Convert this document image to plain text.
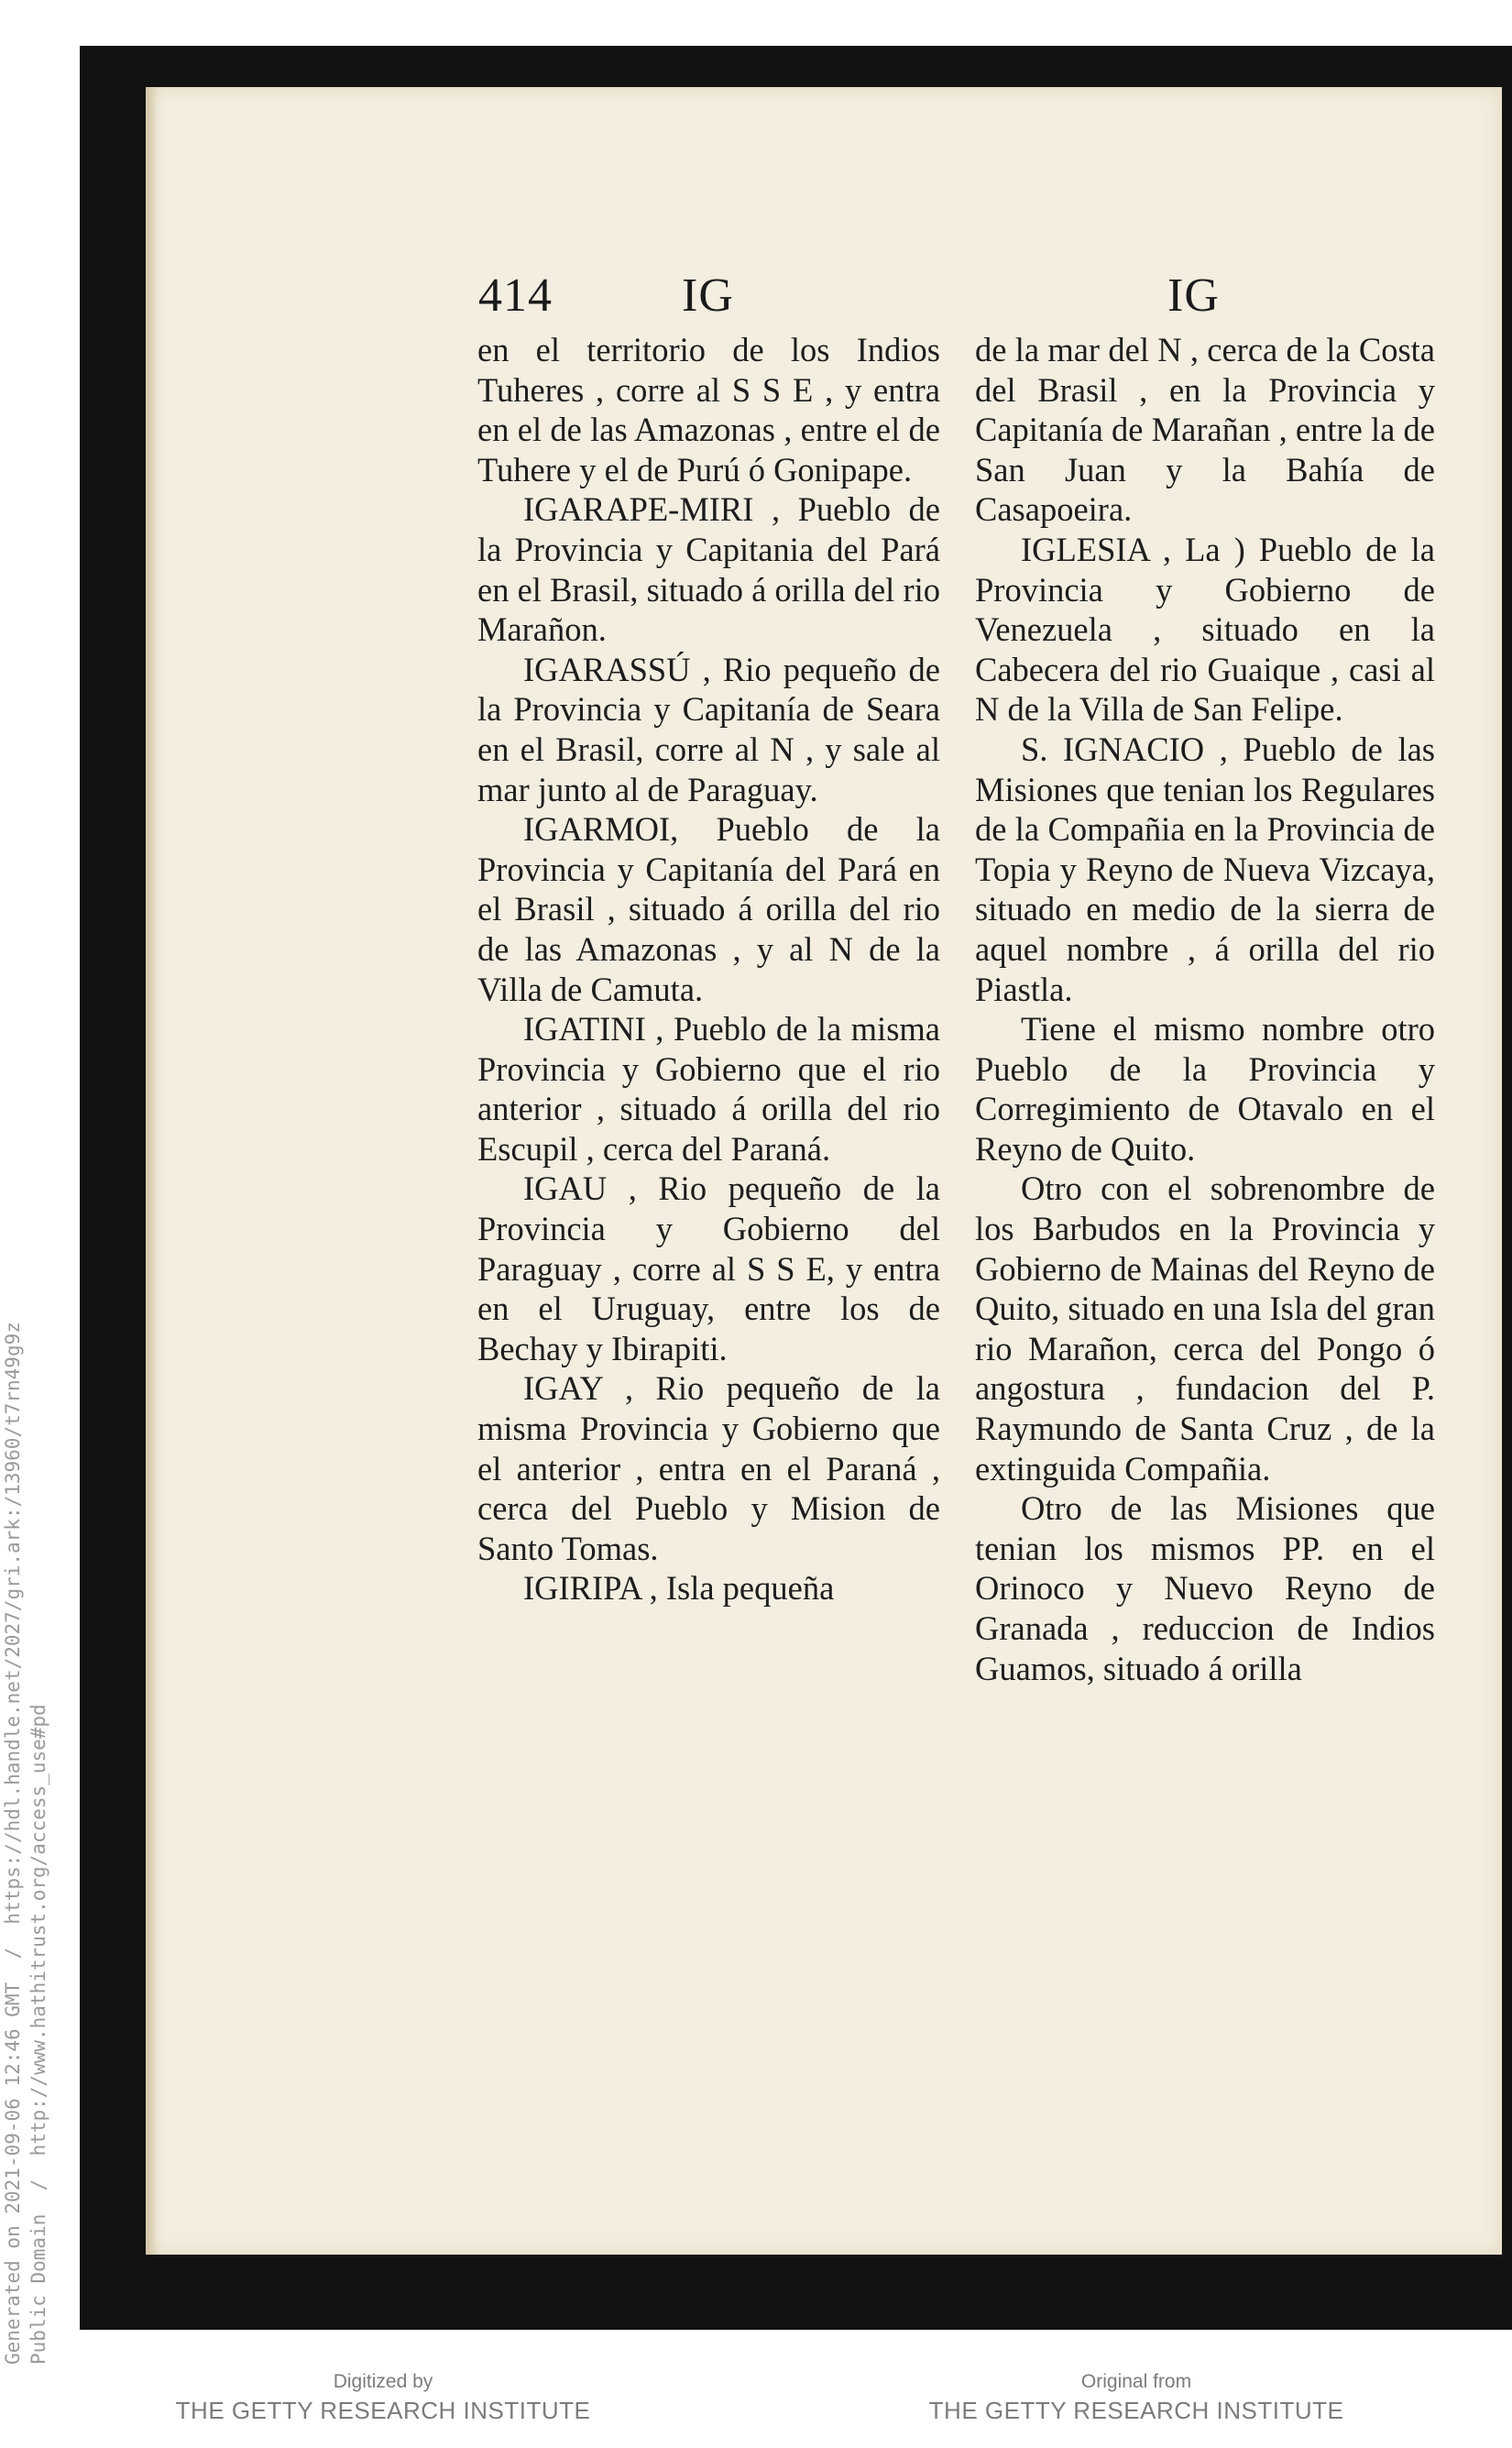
Generated on 2021-09-06 12:46 GMT  /  https://hdl.handle.net/2027/gri.ark:/13960/t7rn49g9z Public Domain  /  http://www.hathitrust.org/access_use#pd
414	IG	IG

en el territorio de los Indios Tuheres , corre al S S E , y entra en el de las Amazonas , entre el de Tuhere y el de Purú ó Gonipape.

IGARAPE-MIRI , Pueblo de la Provincia y Capitania del Pará en el Brasil, situado á orilla del rio Marañon.

IGARASSÚ , Rio pequeño de la Provincia y Capitanía de Seara en el Brasil, corre al N , y sale al mar junto al de Paraguay.

IGARMOI, Pueblo de la Provincia y Capitanía del Pará en el Brasil , situado á orilla del rio de las Amazonas , y al N de la Villa de Camuta.

IGATINI , Pueblo de la misma Provincia y Gobierno que el rio anterior , situado á orilla del rio Escupil , cerca del Paraná.

IGAU , Rio pequeño de la Provincia y Gobierno del Paraguay , corre al S S E, y entra en el Uruguay, entre los de Bechay y Ibirapiti.

IGAY , Rio pequeño de la misma Provincia y Gobierno que el anterior , entra en el Paraná , cerca del Pueblo y Mision de Santo Tomas.

IGIRIPA , Isla pequeña

de la mar del N , cerca de la Costa del Brasil , en la Provincia y Capitanía de Marañan , entre la de San Juan y la Bahía de Casapoeira.

IGLESIA , La ) Pueblo de la Provincia y Gobierno de Venezuela , situado en la Cabecera del rio Guaique , casi al N de la Villa de San Felipe.

S. IGNACIO , Pueblo de las Misiones que tenian los Regulares de la Compañia en la Provincia de Topia y Reyno de Nueva Vizcaya, situado en medio de la sierra de aquel nombre , á orilla del rio Piastla.

Tiene el mismo nombre otro Pueblo de la Provincia y Corregimiento de Otavalo en el Reyno de Quito.

Otro con el sobrenombre de los Barbudos en la Provincia y Gobierno de Mainas del Reyno de Quito, situado en una Isla del gran rio Marañon, cerca del Pongo ó angostura , fundacion del P. Raymundo de Santa Cruz , de la extinguida Compañia.

Otro de las Misiones que tenian los mismos PP. en el Orinoco y Nuevo Reyno de Granada , reduccion de Indios Guamos, situado á orilla

Digitized by
THE GETTY RESEARCH INSTITUTE
Original from
THE GETTY RESEARCH INSTITUTE
